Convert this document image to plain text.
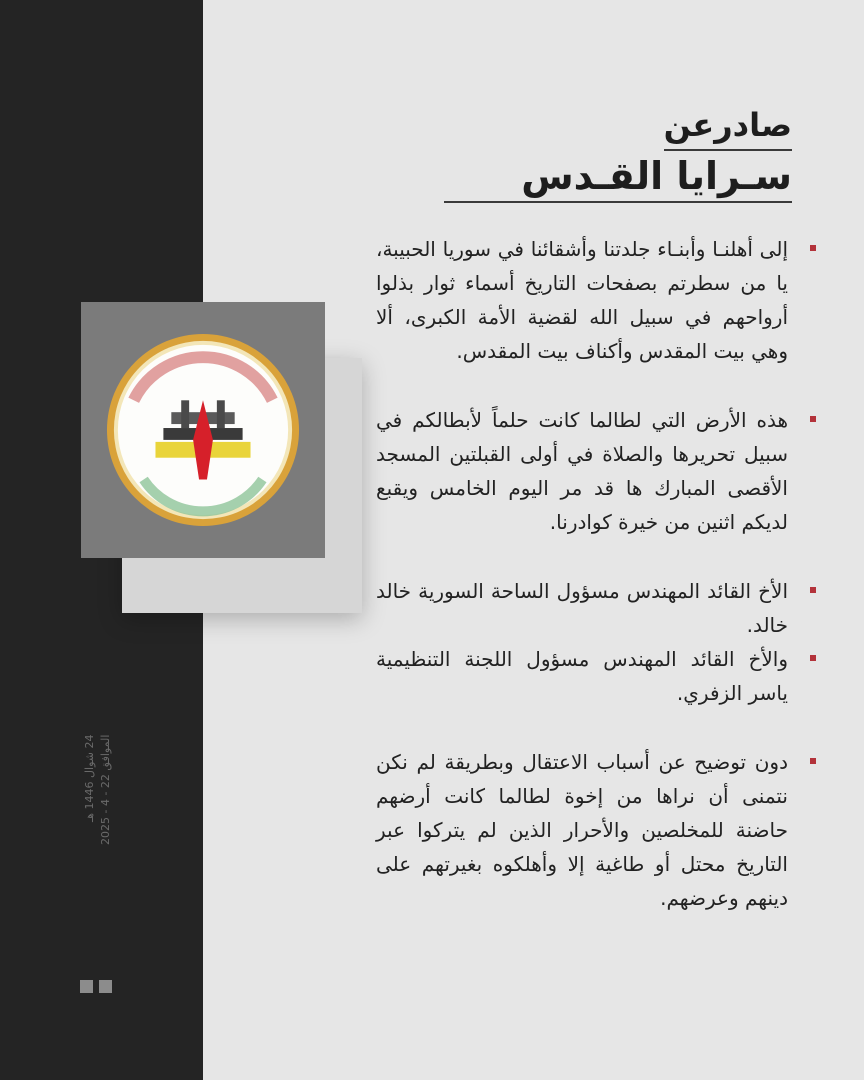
24 شوال 1446 هـ
الموافق 22 - 4 - 2025
صادرعن
سـرايا القـدس
إلى أهلنـا وأبنـاء جلدتنا وأشقائنا في سوريا الحبيبة، يا من سطرتم بصفحات التاريخ أسماء ثوار بذلوا أرواحهم في سبيل الله لقضية الأمة الكبرى، ألا وهي بيت المقدس وأكناف بيت المقدس.
هذه الأرض التي لطالما كانت حلماً لأبطالكم في سبيل تحريرها والصلاة في أولى القبلتين المسجد الأقصى المبارك ها قد مر اليوم الخامس ويقبع لديكم اثنين من خيرة كوادرنا.
الأخ القائد المهندس مسؤول الساحة السورية خالد خالد.
والأخ القائد المهندس مسؤول اللجنة التنظيمية ياسر الزفري.
دون توضيح عن أسباب الاعتقال وبطريقة لم نكن نتمنى أن نراها من إخوة لطالما كانت أرضهم حاضنة للمخلصين والأحرار الذين لم يتركوا عبر التاريخ محتل أو طاغية إلا وأهلكوه بغيرتهم على دينهم وعرضهم.
